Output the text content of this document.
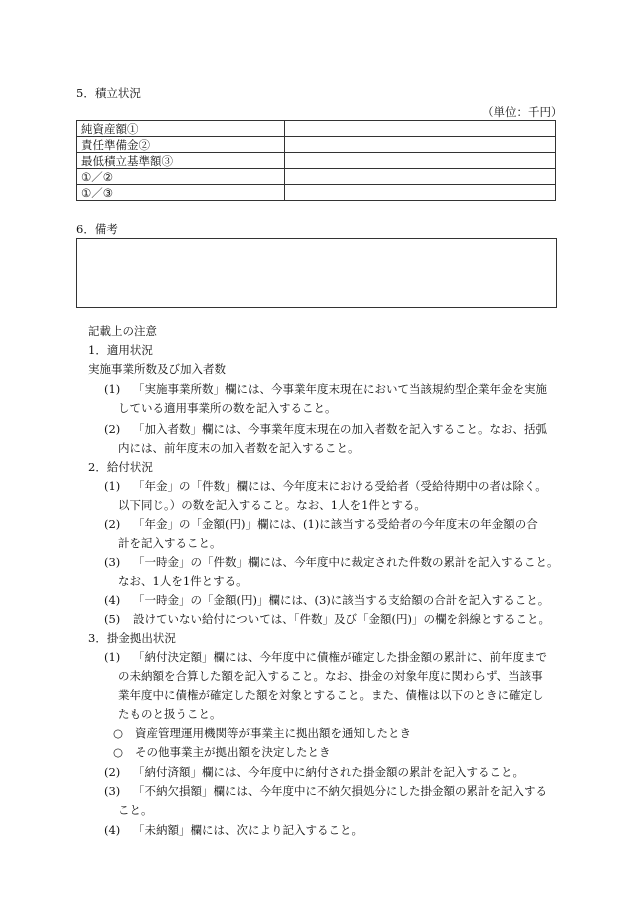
5．積立状況
（単位：千円）
純資産額①	
責任準備金②	
最低積立基準額③	
①／②	
①／③	
6．備考
記載上の注意
1．適用状況
実施事業所数及び加入者数
(1) 「実施事業所数」欄には、今事業年度末現在において当該規約型企業年金を実施
している適用事業所の数を記入すること。
(2) 「加入者数」欄には、今事業年度末現在の加入者数を記入すること。なお、括弧
内には、前年度末の加入者数を記入すること。
2．給付状況
(1) 「年金」の「件数」欄には、今年度末における受給者（受給待期中の者は除く。
以下同じ。）の数を記入すること。なお、1人を1件とする。
(2) 「年金」の「金額(円)」欄には、(1)に該当する受給者の今年度末の年金額の合
計を記入すること。
(3) 「一時金」の「件数」欄には、今年度中に裁定された件数の累計を記入すること。
なお、1人を1件とする。
(4) 「一時金」の「金額(円)」欄には、(3)に該当する支給額の合計を記入すること。
(5) 設けていない給付については、「件数」及び「金額(円)」の欄を斜線とすること。
3．掛金拠出状況
(1) 「納付決定額」欄には、今年度中に債権が確定した掛金額の累計に、前年度まで
の未納額を合算した額を記入すること。なお、掛金の対象年度に関わらず、当該事
業年度中に債権が確定した額を対象とすること。また、債権は以下のときに確定し
たものと扱うこと。
○ 資産管理運用機関等が事業主に拠出額を通知したとき
○ その他事業主が拠出額を決定したとき
(2) 「納付済額」欄には、今年度中に納付された掛金額の累計を記入すること。
(3) 「不納欠損額」欄には、今年度中に不納欠損処分にした掛金額の累計を記入する
こと。
(4) 「未納額」欄には、次により記入すること。
